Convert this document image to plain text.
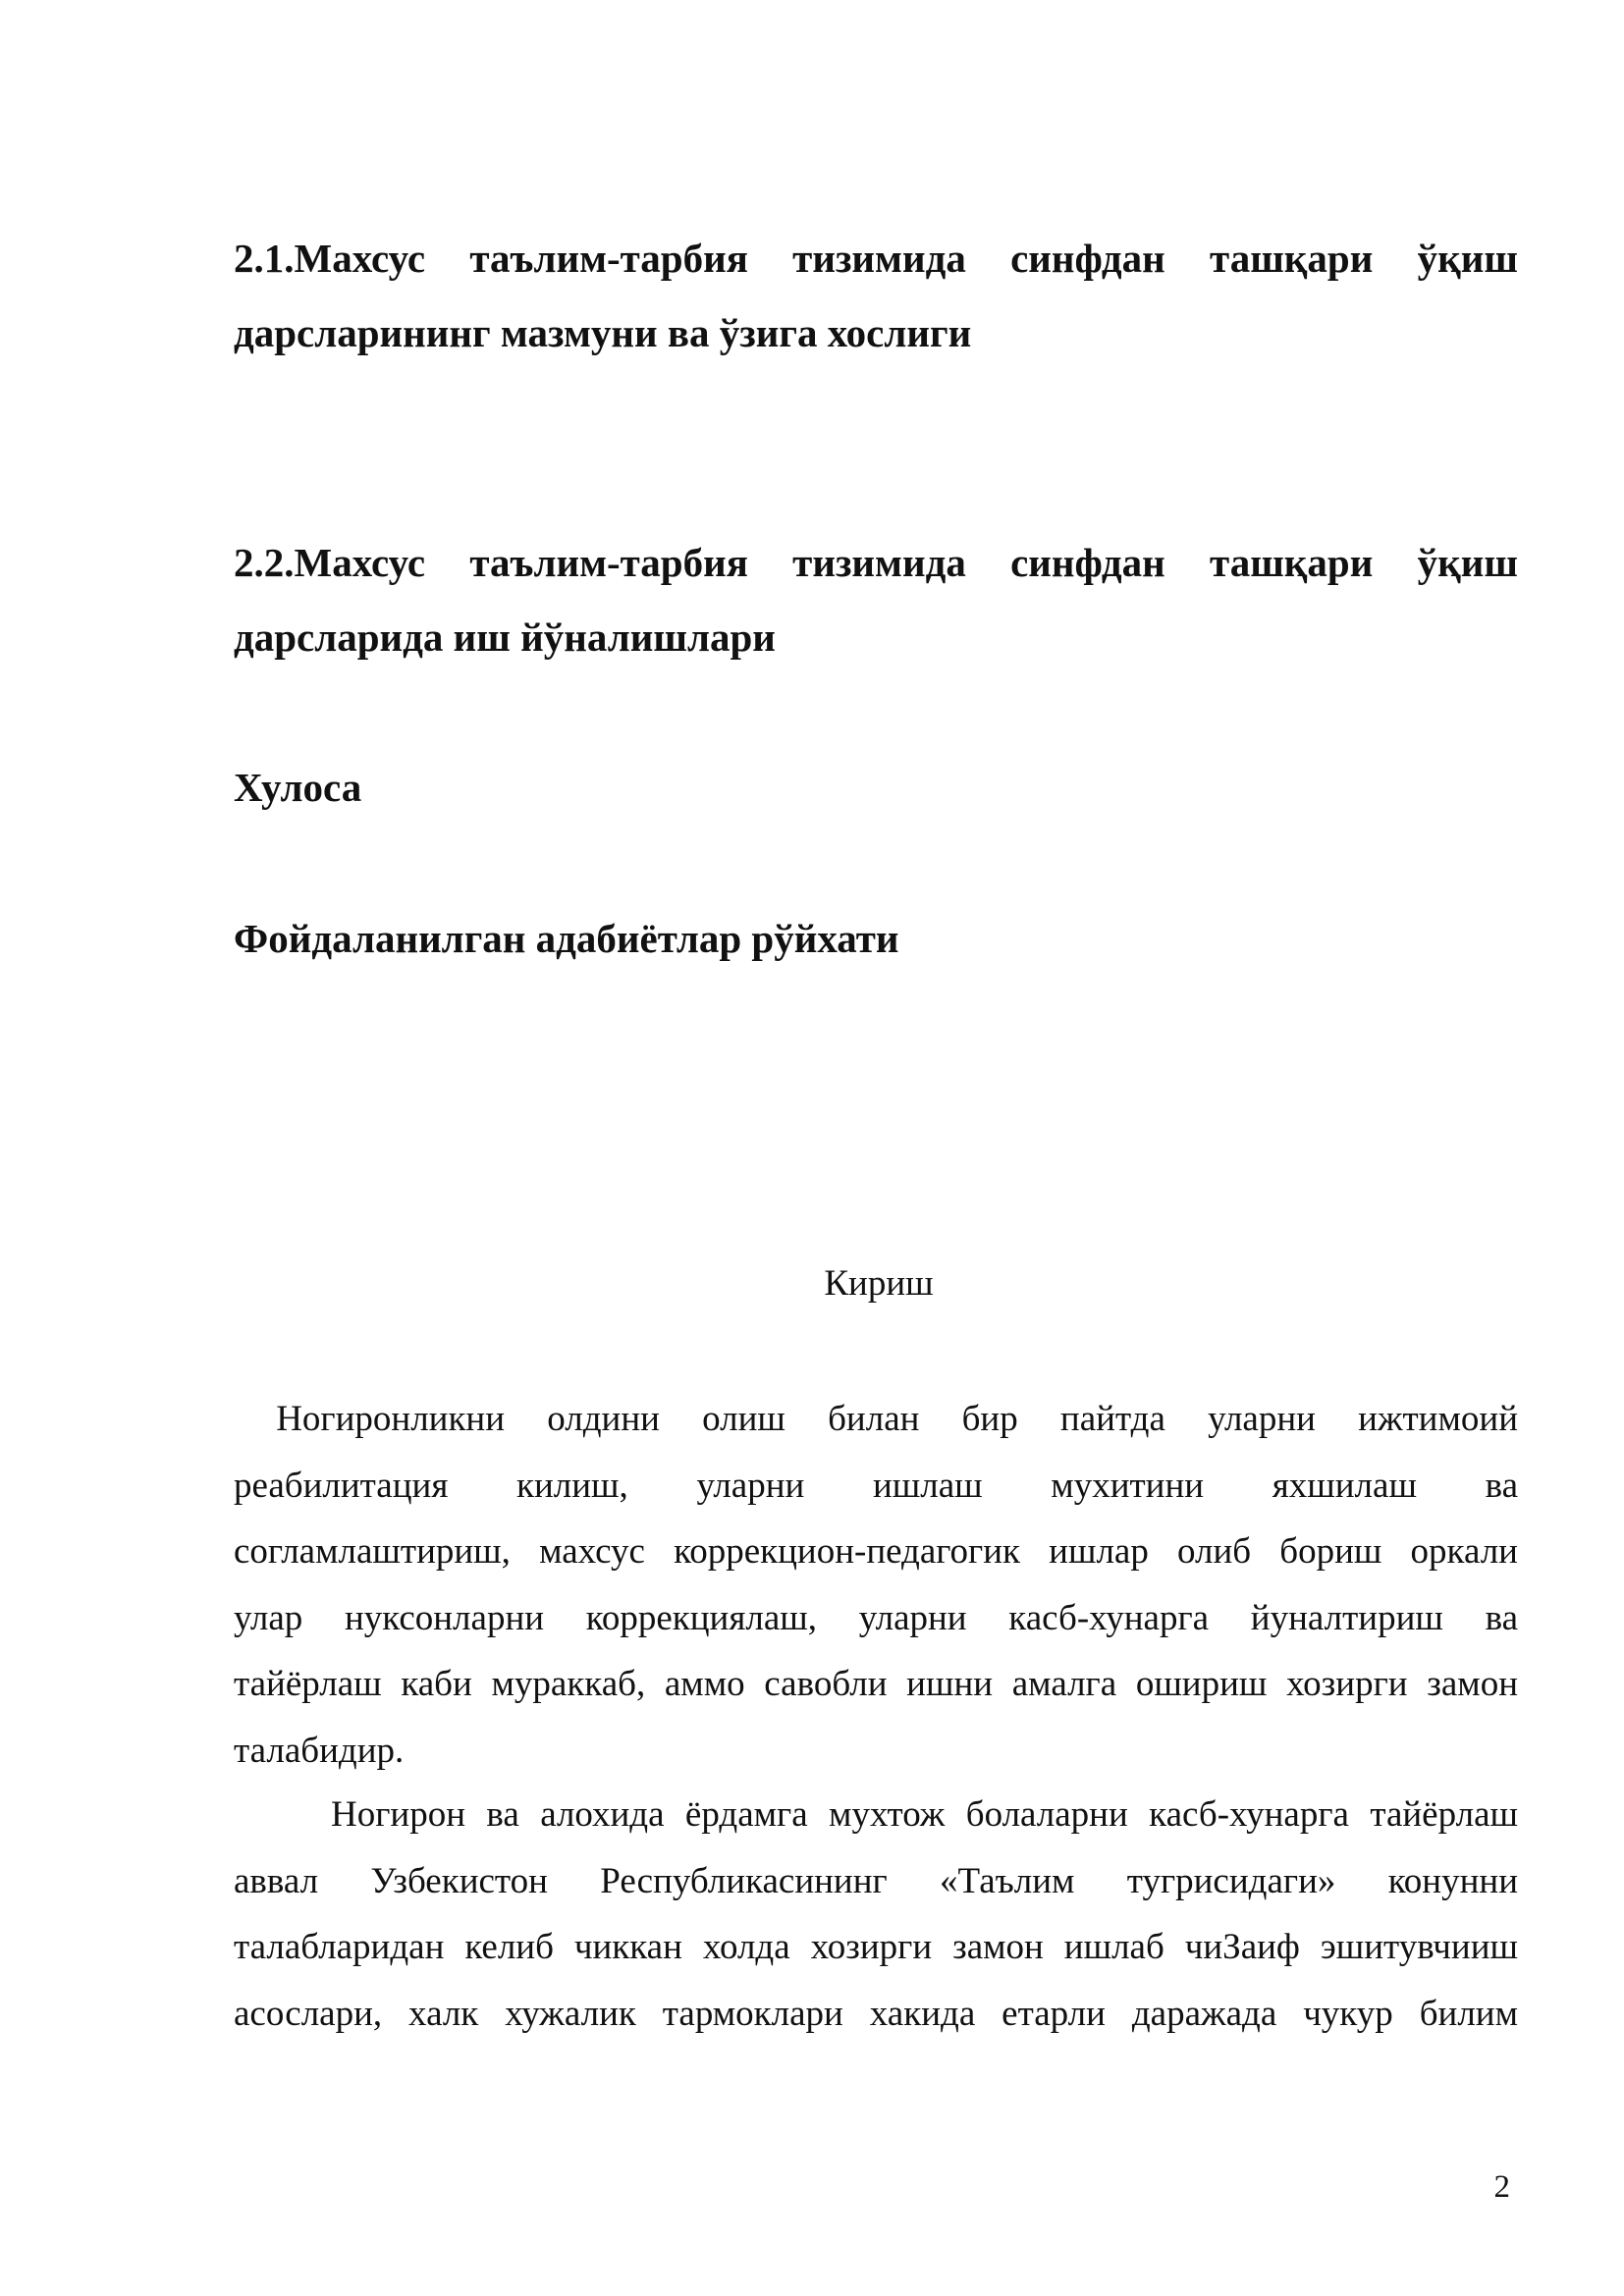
2.1.Махсус таълим-тарбия тизимида синфдан ташқари ўқиш
дарсларининг мазмуни ва ўзига хослиги
2.2.Махсус таълим-тарбия тизимида синфдан ташқари ўқиш
дарсларида иш йўналишлари
Хулоса
Фойдаланилган адабиётлар рўйхати
Кириш

Ногиронликни олдини олиш билан бир пайтда уларни ижтимоий
реабилитация килиш, уларни ишлаш мухитини яхшилаш ва
согламлаштириш, махсус коррекцион-педагогик ишлар олиб бориш оркали
улар нуксонларни коррекциялаш, уларни касб-хунарга йуналтириш ва
тайёрлаш каби мураккаб, аммо савобли ишни амалга ошириш хозирги замон
талабидир.

Ногирон ва алохида ёрдамга мухтож болаларни касб-хунарга тайёрлаш
аввал Узбекистон Республикасининг «Таълим тугрисидаги» конунни
талабларидан келиб чиккан холда хозирги замон ишлаб чиЗаиф эшитувчииш
асослари, халк хужалик тармоклари хакида етарли даражада чукур билим

2
